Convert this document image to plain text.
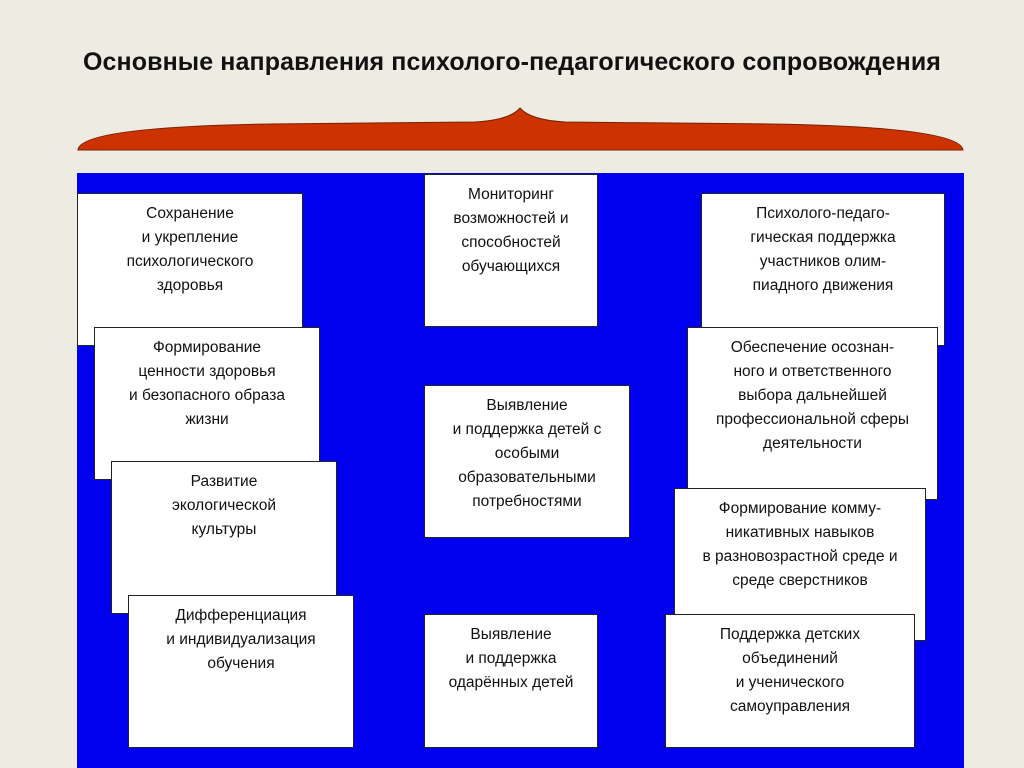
Основные направления психолого-педагогического сопровождения
Сохранение
и укрепление
психологического
здоровья
Формирование
ценности здоровья
и безопасного образа
жизни
Развитие
экологической
культуры
Дифференциация
и индивидуализация
обучения
Мониторинг
возможностей и
способностей
обучающихся
Выявление
и поддержка детей с
особыми
образовательными
потребностями
Выявление
и поддержка
одарённых детей
Психолого-педаго-
гическая поддержка
участников олим-
пиадного движения
Обеспечение осознан-
ного и ответственного
выбора дальнейшей
профессиональной сферы
деятельности
Формирование комму-
никативных навыков
в разновозрастной среде и
среде сверстников
Поддержка детских
объединений
и ученического
самоуправления
